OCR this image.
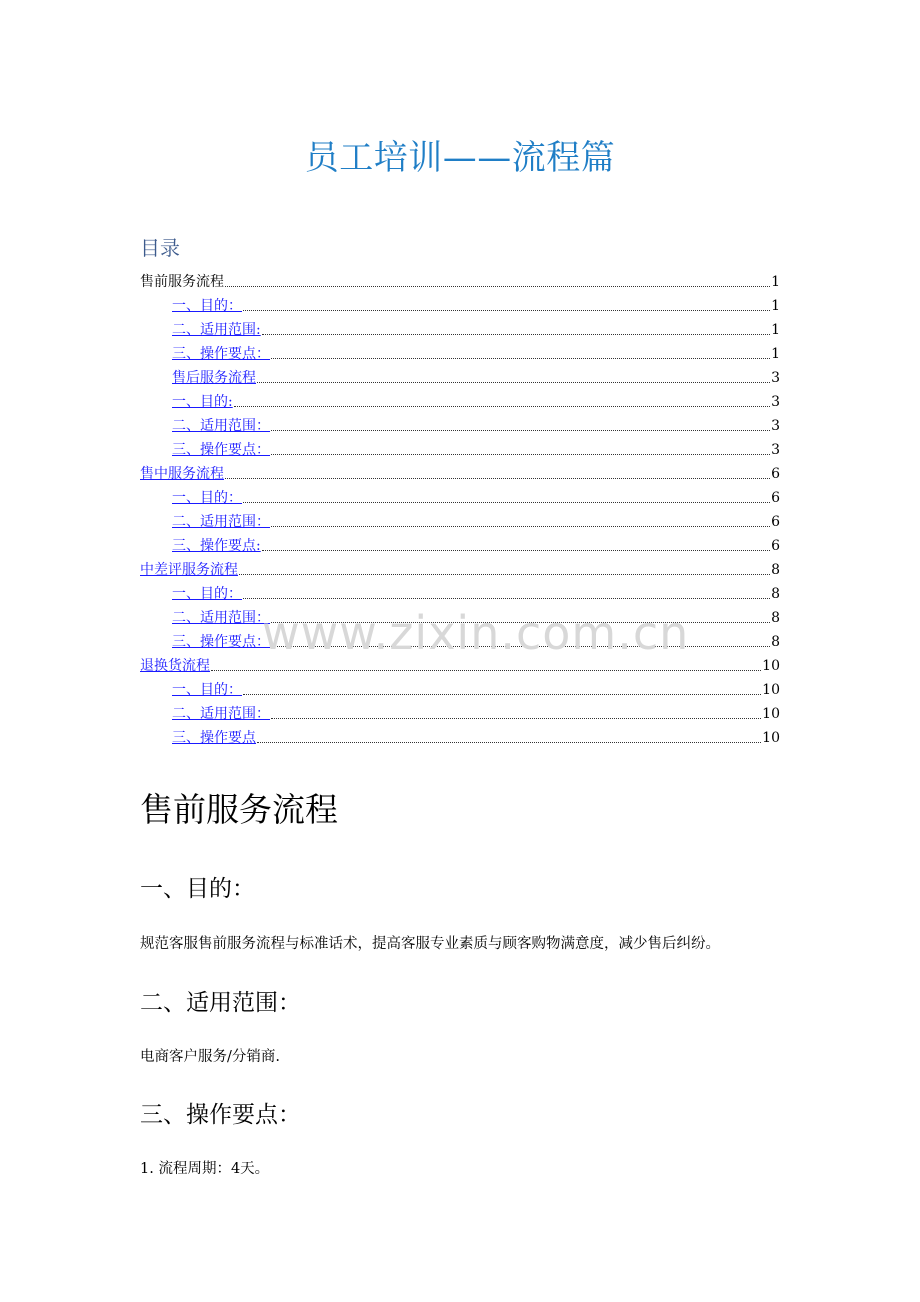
员工培训——流程篇
目录
售前服务流程	1
一、目的：	1
二、适用范围:	1
三、操作要点：	1
售后服务流程	3
一、目的:	3
二、适用范围：	3
三、操作要点：	3
售中服务流程	6
一、目的：	6
二、适用范围：	6
三、操作要点:	6
中差评服务流程	8
一、目的：	8
二、适用范围：	8
三、操作要点：	8
退换货流程	10
一、目的：	10
二、适用范围：	10
三、操作要点	10
www.zixin.com.cn
售前服务流程
一、目的：

规范客服售前服务流程与标准话术，提高客服专业素质与顾客购物满意度，减少售后纠纷。

二、适用范围：

电商客户服务/分销商.

三、操作要点：

1. 流程周期：4天。
